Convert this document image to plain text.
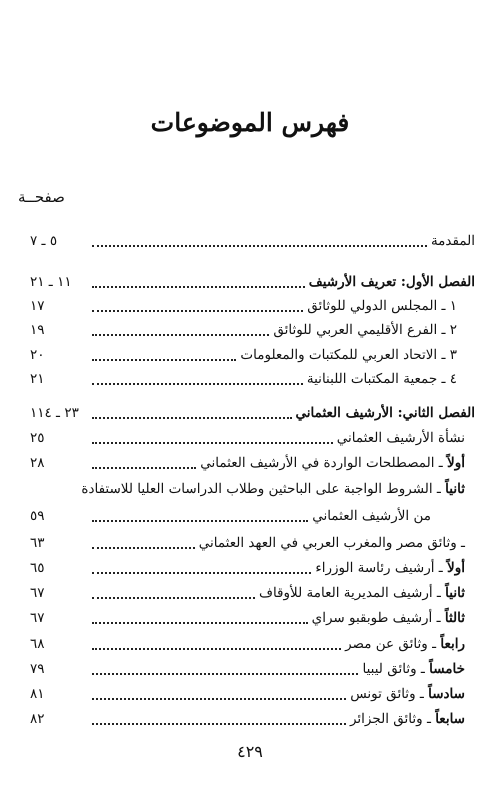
فهرس الموضوعات
صفحــة
المقدمة
٥ ـ ٧
الفصل الأول: تعريف الأرشيف
١١ ـ ٢١
١ ـ المجلس الدولي للوثائق
١٧
٢ ـ الفرع الأقليمي العربي للوثائق
١٩
٣ ـ الاتحاد العربي للمكتبات والمعلومات
٢٠
٤ ـ جمعية المكتبات اللبنانية
٢١
الفصل الثاني: الأرشيف العثماني
٢٣ ـ ١١٤
نشأة الأرشيف العثماني
٢٥
أولاً ـ المصطلحات الواردة في الأرشيف العثماني
٢٨
ثانياً ـ الشروط الواجبة على الباحثين وطلاب الدراسات العليا للاستفادة
من الأرشيف العثماني
٥٩
ـ وثائق مصر والمغرب العربي في العهد العثماني
٦٣
أولاً ـ أرشيف رئاسة الوزراء
٦٥
ثانياً ـ أرشيف المديرية العامة للأوقاف
٦٧
ثالثاً ـ أرشيف طوبقبو سراي
٦٧
رابعاً ـ وثائق عن مصر
٦٨
خامساً ـ وثائق ليبيا
٧٩
سادساً ـ وثائق تونس
٨١
سابعاً ـ وثائق الجزائر
٨٢
٤٢٩
